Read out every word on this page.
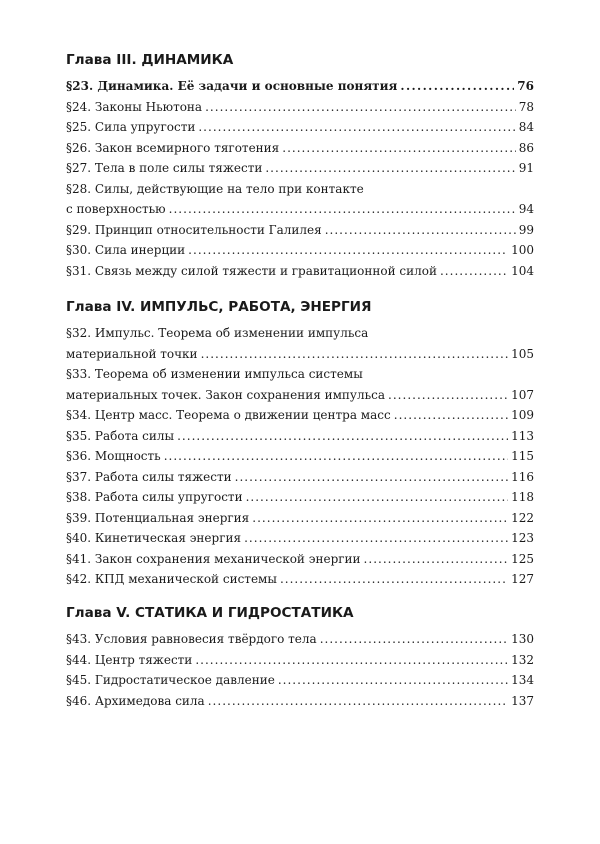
Глава III. ДИНАМИКА
§23. Динамика. Её задачи и основные понятия . . .	76
§24. Законы Ньютона . . .	78
§25. Сила упругости . . .	84
§26. Закон всемирного тяготения . . .	86
§27. Тела в поле силы тяжести . . .	91
§28. Силы, действующие на тело при контакте
с поверхностью . . .	94
§29. Принцип относительности Галилея . . .	99
§30. Сила инерции . . .	100
§31. Связь между силой тяжести и гравитационной силой . . .	104
Глава IV. ИМПУЛЬС, РАБОТА, ЭНЕРГИЯ
§32. Импульс. Теорема об изменении импульса
материальной точки . . .	105
§33. Теорема об изменении импульса системы
материальных точек. Закон сохранения импульса . . .	107
§34. Центр масс. Теорема о движении центра масс . . .	109
§35. Работа силы . . .	113
§36. Мощность . . .	115
§37. Работа силы тяжести . . .	116
§38. Работа силы упругости . . .	118
§39. Потенциальная энергия . . .	122
§40. Кинетическая энергия . . .	123
§41. Закон сохранения механической энергии . . .	125
§42. КПД механической системы . . .	127
Глава V. СТАТИКА И ГИДРОСТАТИКА
§43. Условия равновесия твёрдого тела . . .	130
§44. Центр тяжести . . .	132
§45. Гидростатическое давление . . .	134
§46. Архимедова сила . . .	137
